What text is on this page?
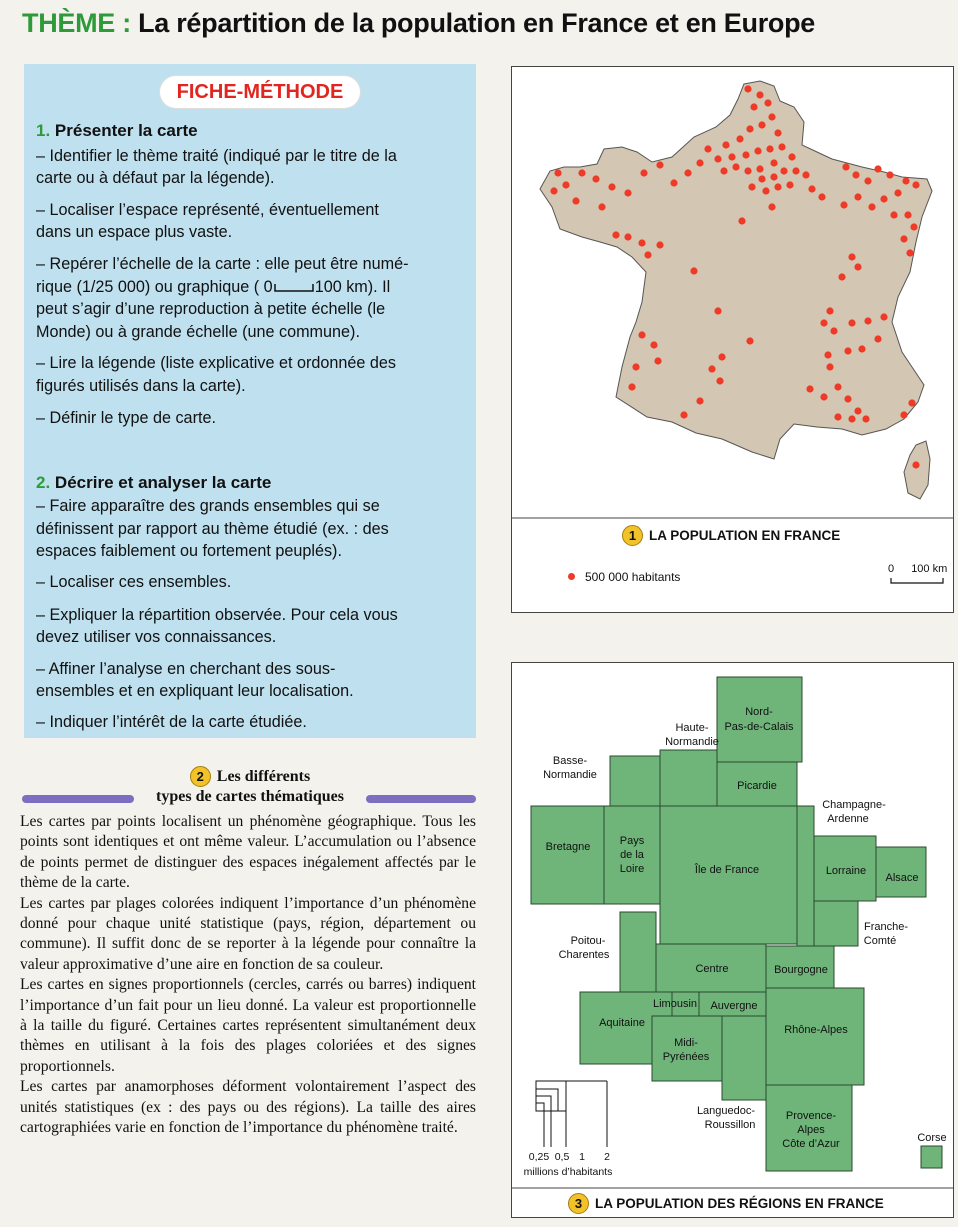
THÈME : La répartition de la population en France et en Europe
FICHE-MÉTHODE
1. Présenter la carte
– Identifier le thème traité (indiqué par le titre de la
carte ou à défaut par la légende).
– Localiser l’espace représenté, éventuellement
dans un espace plus vaste.
– Repérer l’échelle de la carte : elle peut être numé-
rique (1/25 000) ou graphique ( 0	100 km). Il
peut s’agir d’une reproduction à petite échelle (le
Monde) ou à grande échelle (une commune).
– Lire la légende (liste explicative et ordonnée des
figurés utilisés dans la carte).
– Définir le type de carte.
2. Décrire et analyser la carte
– Faire apparaître des grands ensembles qui se
définissent par rapport au thème étudié (ex. : des
espaces faiblement ou fortement peuplés).
– Localiser ces ensembles.
– Expliquer la répartition observée. Pour cela vous
devez utiliser vos connaissances.
– Affiner l’analyse en cherchant des sous-
ensembles et en expliquant leur localisation.
– Indiquer l’intérêt de la carte étudiée.
2 Les différents
types de cartes thématiques

Les cartes par points localisent un phénomène géographique. Tous les points sont identiques et ont même valeur. L’accumulation ou l’absence de points permet de distinguer des espaces inégalement affectés par le thème de la carte.

Les cartes par plages colorées indiquent l’importance d’un phénomène donné pour chaque unité statistique (pays, région, département ou commune). Il suffit donc de se reporter à la légende pour connaître la valeur approximative d’une aire en fonction de sa couleur.

Les cartes en signes proportionnels (cercles, carrés ou barres) indiquent l’importance d’un fait pour un lieu donné. La valeur est proportionnelle à la taille du figuré. Certaines cartes représentent simultanément deux thèmes en utilisant à la fois des plages coloriées et des signes proportionnels.

Les cartes par anamorphoses déforment volontairement l’aspect des unités statistiques (ex : des pays ou des régions). La taille des aires cartographiées varie en fonction de l’importance du phénomène traité.

1 LA POPULATION EN FRANCE
500 000 habitants
0 100 km
Nord-
Pas-de-Calais
Haute-
Normandie
Basse-
Normandie
Picardie
Champagne-
Ardenne
Bretagne	Pays
de la
Loire	Île de France	Lorraine
Alsace
Franche-
Comté
Poitou-
Charentes
Centre	Bourgogne
Limousin Auvergne
Aquitaine
Rhône-Alpes
Midi-
Pyrénées
Languedoc-
Roussillon
Provence-
Alpes
Côte d’Azur	Corse
0,25 0,5 1 2
millions d’habitants
3 LA POPULATION DES RÉGIONS EN FRANCE
